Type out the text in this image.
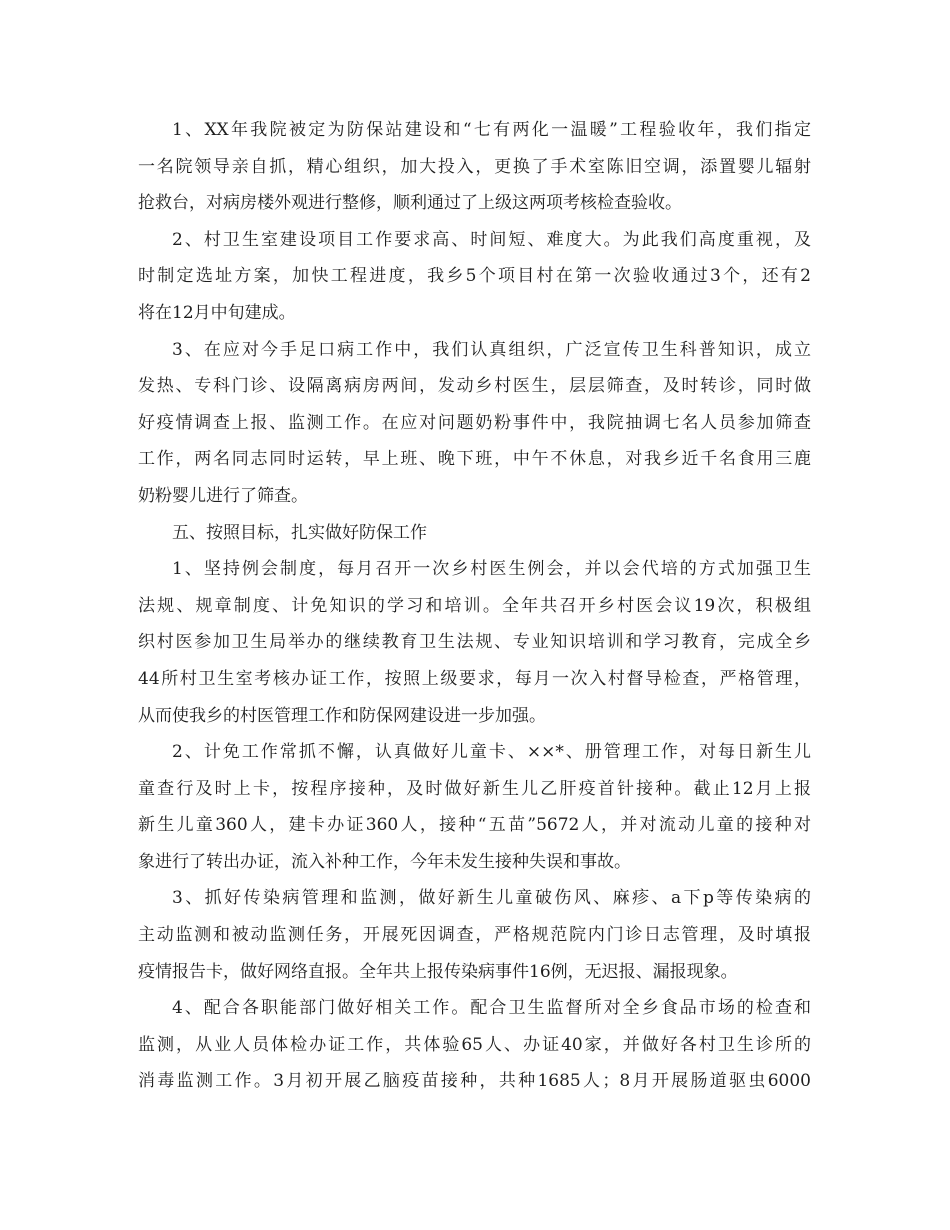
1、XX年我院被定为防保站建设和“七有两化一温暖”工程验收年，我们指定
一名院领导亲自抓，精心组织，加大投入，更换了手术室陈旧空调，添置婴儿辐射
抢救台，对病房楼外观进行整修，顺利通过了上级这两项考核检查验收。
2、村卫生室建设项目工作要求高、时间短、难度大。为此我们高度重视，及
时制定选址方案，加快工程进度，我乡5个项目村在第一次验收通过3个，还有2
将在12月中旬建成。
3、在应对今手足口病工作中，我们认真组织，广泛宣传卫生科普知识，成立
发热、专科门诊、设隔离病房两间，发动乡村医生，层层筛查，及时转诊，同时做
好疫情调查上报、监测工作。在应对问题奶粉事件中，我院抽调七名人员参加筛查
工作，两名同志同时运转，早上班、晚下班，中午不休息，对我乡近千名食用三鹿
奶粉婴儿进行了筛查。
五、按照目标，扎实做好防保工作
1、坚持例会制度，每月召开一次乡村医生例会，并以会代培的方式加强卫生
法规、规章制度、计免知识的学习和培训。全年共召开乡村医会议19次，积极组
织村医参加卫生局举办的继续教育卫生法规、专业知识培训和学习教育，完成全乡
44所村卫生室考核办证工作，按照上级要求，每月一次入村督导检查，严格管理，
从而使我乡的村医管理工作和防保网建设进一步加强。
2、计免工作常抓不懈，认真做好儿童卡、××*、册管理工作，对每日新生儿
童查行及时上卡，按程序接种，及时做好新生儿乙肝疫首针接种。截止12月上报
新生儿童360人，建卡办证360人，接种“五苗”5672人，并对流动儿童的接种对
象进行了转出办证，流入补种工作，今年未发生接种失误和事故。
3、抓好传染病管理和监测，做好新生儿童破伤风、麻疹、a下p等传染病的
主动监测和被动监测任务，开展死因调查，严格规范院内门诊日志管理，及时填报
疫情报告卡，做好网络直报。全年共上报传染病事件16例，无迟报、漏报现象。
4、配合各职能部门做好相关工作。配合卫生监督所对全乡食品市场的检查和
监测，从业人员体检办证工作，共体验65人、办证40家，并做好各村卫生诊所的
消毒监测工作。3月初开展乙脑疫苗接种，共种1685人；8月开展肠道驱虫6000
